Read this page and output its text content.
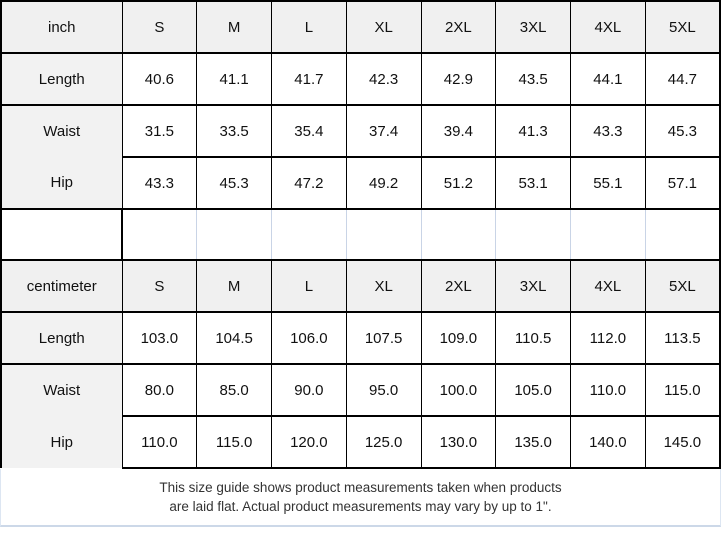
inch	S	M	L	XL	2XL	3XL	4XL	5XL
Length	40.6	41.1	41.7	42.3	42.9	43.5	44.1	44.7
Waist	31.5	33.5	35.4	37.4	39.4	41.3	43.3	45.3
Hip	43.3	45.3	47.2	49.2	51.2	53.1	55.1	57.1

centimeter	S	M	L	XL	2XL	3XL	4XL	5XL
Length	103.0	104.5	106.0	107.5	109.0	110.5	112.0	113.5
Waist	80.0	85.0	90.0	95.0	100.0	105.0	110.0	115.0
Hip	110.0	115.0	120.0	125.0	130.0	135.0	140.0	145.0
This size guide shows product measurements taken when products
are laid flat. Actual product measurements may vary by up to 1".
